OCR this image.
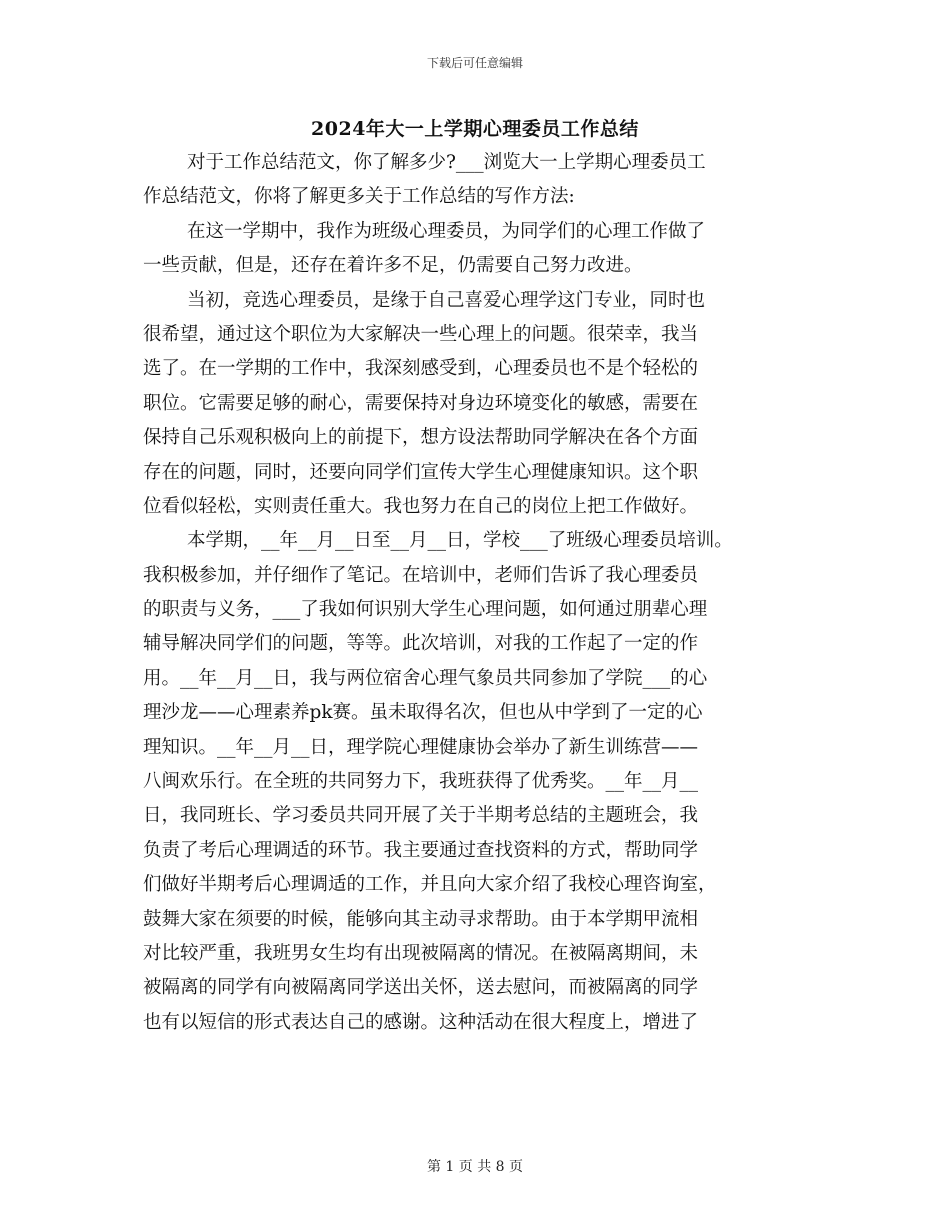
下载后可任意编辑
2024年大一上学期心理委员工作总结
对于工作总结范文，你了解多少?___浏览大一上学期心理委员工
作总结范文，你将了解更多关于工作总结的写作方法:
在这一学期中，我作为班级心理委员，为同学们的心理工作做了
一些贡献，但是，还存在着许多不足，仍需要自己努力改进。
当初，竞选心理委员，是缘于自己喜爱心理学这门专业，同时也
很希望，通过这个职位为大家解决一些心理上的问题。很荣幸，我当
选了。在一学期的工作中，我深刻感受到，心理委员也不是个轻松的
职位。它需要足够的耐心，需要保持对身边环境变化的敏感，需要在
保持自己乐观积极向上的前提下，想方设法帮助同学解决在各个方面
存在的问题，同时，还要向同学们宣传大学生心理健康知识。这个职
位看似轻松，实则责任重大。我也努力在自己的岗位上把工作做好。
本学期，__年__月__日至__月__日，学校___了班级心理委员培训。
我积极参加，并仔细作了笔记。在培训中，老师们告诉了我心理委员
的职责与义务，___了我如何识别大学生心理问题，如何通过朋辈心理
辅导解决同学们的问题，等等。此次培训，对我的工作起了一定的作
用。__年__月__日，我与两位宿舍心理气象员共同参加了学院___的心
理沙龙——心理素养pk赛。虽未取得名次，但也从中学到了一定的心
理知识。__年__月__日，理学院心理健康协会举办了新生训练营——
八闽欢乐行。在全班的共同努力下，我班获得了优秀奖。__年__月__
日，我同班长、学习委员共同开展了关于半期考总结的主题班会，我
负责了考后心理调适的环节。我主要通过查找资料的方式，帮助同学
们做好半期考后心理调适的工作，并且向大家介绍了我校心理咨询室，
鼓舞大家在须要的时候，能够向其主动寻求帮助。由于本学期甲流相
对比较严重，我班男女生均有出现被隔离的情况。在被隔离期间，未
被隔离的同学有向被隔离同学送出关怀，送去慰问，而被隔离的同学
也有以短信的形式表达自己的感谢。这种活动在很大程度上，增进了
第 1 页 共 8 页
